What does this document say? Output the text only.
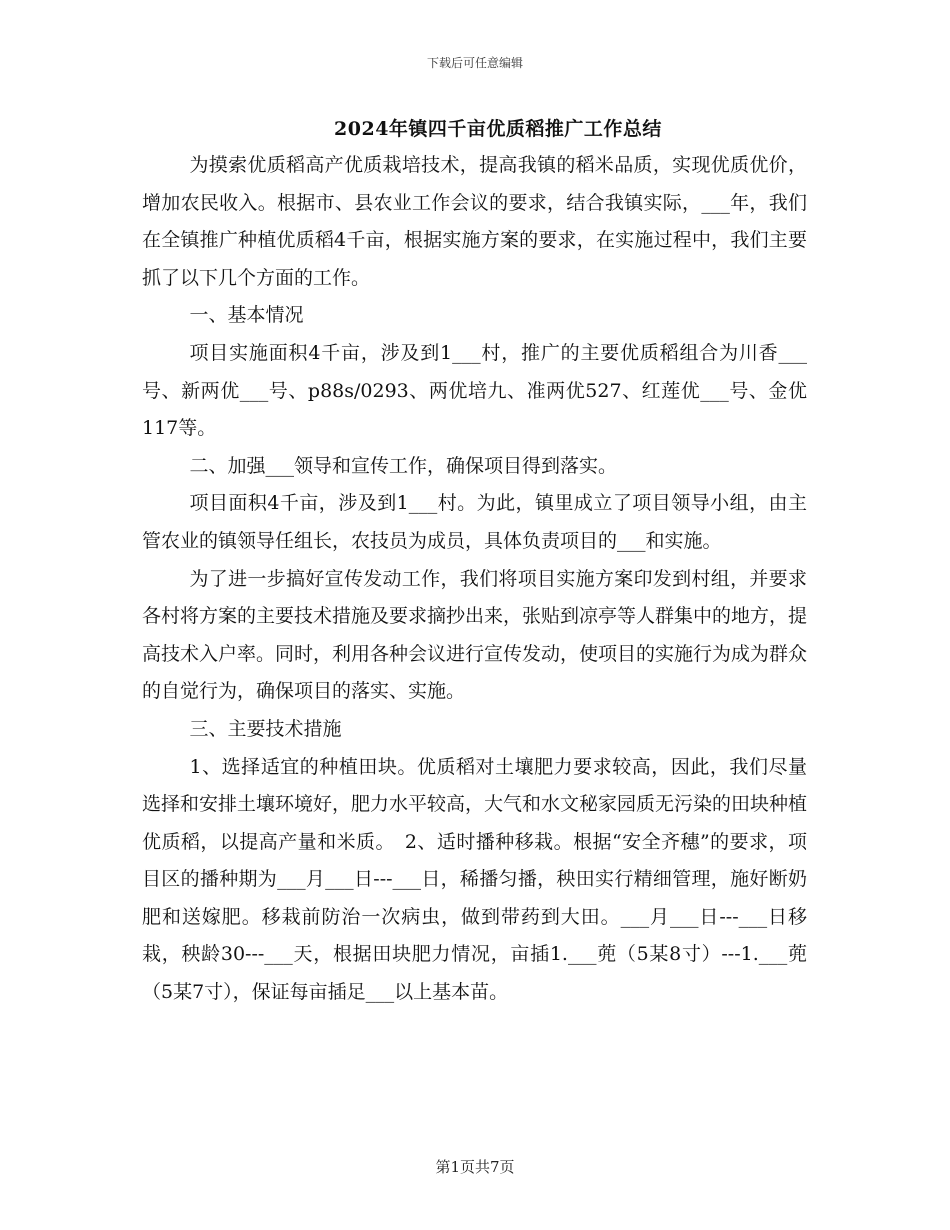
下载后可任意编辑
2024年镇四千亩优质稻推广工作总结

为摸索优质稻高产优质栽培技术，提高我镇的稻米品质，实现优质优价，增加农民收入。根据市、县农业工作会议的要求，结合我镇实际，___年，我们在全镇推广种植优质稻4千亩，根据实施方案的要求，在实施过程中，我们主要抓了以下几个方面的工作。

一、基本情况

项目实施面积4千亩，涉及到1___村，推广的主要优质稻组合为川香___号、新两优___号、p88s/0293、两优培九、准两优527、红莲优___号、金优117等。

二、加强___领导和宣传工作，确保项目得到落实。

项目面积4千亩，涉及到1___村。为此，镇里成立了项目领导小组，由主管农业的镇领导任组长，农技员为成员，具体负责项目的___和实施。

为了进一步搞好宣传发动工作，我们将项目实施方案印发到村组，并要求各村将方案的主要技术措施及要求摘抄出来，张贴到凉亭等人群集中的地方，提高技术入户率。同时，利用各种会议进行宣传发动，使项目的实施行为成为群众的自觉行为，确保项目的落实、实施。

三、主要技术措施

1、选择适宜的种植田块。优质稻对土壤肥力要求较高，因此，我们尽量选择和安排土壤环境好，肥力水平较高，大气和水文秘家园质无污染的田块种植优质稻，以提高产量和米质。　2、适时播种移栽。根据“安全齐穗”的要求，项目区的播种期为___月___日---___日，稀播匀播，秧田实行精细管理，施好断奶肥和送嫁肥。移栽前防治一次病虫，做到带药到大田。___月___日---___日移栽，秧龄30---___天，根据田块肥力情况，亩插1.___蔸（5某8寸）---1.___蔸（5某7寸），保证每亩插足___以上基本苗。

第1页共7页
